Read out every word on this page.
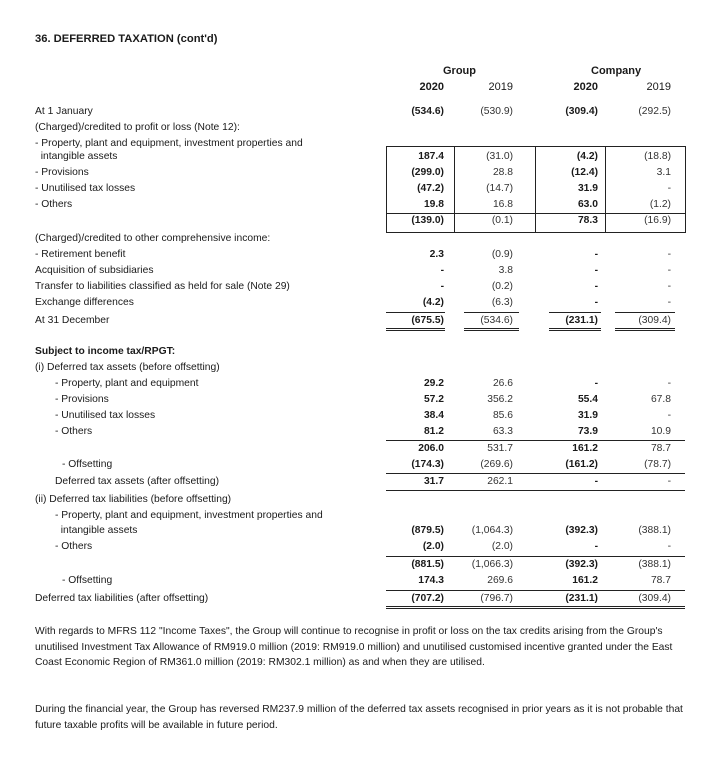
36. DEFERRED TAXATION (cont'd)
Group	Company
2020	2019	2020	2019
At 1 January	(534.6)	(530.9)	(309.4)	(292.5)
(Charged)/credited to profit or loss (Note 12):
- Property, plant and equipment, investment properties and
intangible assets	187.4	(31.0)	(4.2)	(18.8)
- Provisions	(299.0)	28.8	(12.4)	3.1
- Unutilised tax losses	(47.2)	(14.7)	31.9	-
- Others	19.8	16.8	63.0	(1.2)
(139.0)	(0.1)	78.3	(16.9)
(Charged)/credited to other comprehensive income:
- Retirement benefit	2.3	(0.9)	-	-
Acquisition of subsidiaries	-	3.8	-	-
Transfer to liabilities classified as held for sale (Note 29)	-	(0.2)	-	-
Exchange differences	(4.2)	(6.3)	-	-
At 31 December	(675.5)	(534.6)	(231.1)	(309.4)
Subject to income tax/RPGT:
(i) Deferred tax assets (before offsetting)
- Property, plant and equipment	29.2	26.6	-	-
- Provisions	57.2	356.2	55.4	67.8
- Unutilised tax losses	38.4	85.6	31.9	-
- Others	81.2	63.3	73.9	10.9
206.0	531.7	161.2	78.7
- Offsetting	(174.3)	(269.6)	(161.2)	(78.7)
Deferred tax assets (after offsetting)	31.7	262.1	-	-
(ii) Deferred tax liabilities (before offsetting)
- Property, plant and equipment, investment properties and
intangible assets	(879.5)	(1,064.3)	(392.3)	(388.1)
- Others	(2.0)	(2.0)	-	-
(881.5)	(1,066.3)	(392.3)	(388.1)
- Offsetting	174.3	269.6	161.2	78.7
Deferred tax liabilities (after offsetting)	(707.2)	(796.7)	(231.1)	(309.4)
With regards to MFRS 112 "Income Taxes", the Group will continue to recognise in profit or loss on the tax credits arising from the Group's unutilised Investment Tax Allowance of RM919.0 million (2019: RM919.0 million) and unutilised customised incentive granted under the East Coast Economic Region of RM361.0 million (2019: RM302.1 million) as and when they are utilised.
During the financial year, the Group has reversed RM237.9 million of the deferred tax assets recognised in prior years as it is not probable that future taxable profits will be available in future period.
